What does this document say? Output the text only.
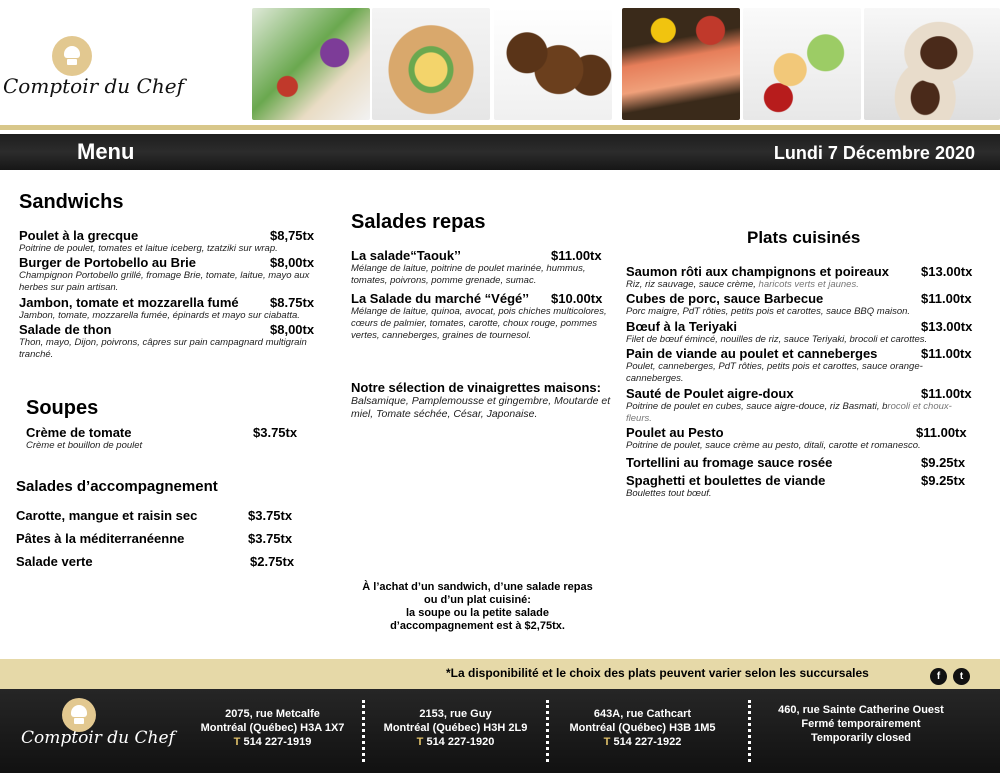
Comptoir du Chef
Menu	Lundi 7 Décembre 2020
Sandwichs
Poulet à la grecque	$8,75tx
Poitrine de poulet, tomates et laitue iceberg, tzatziki sur wrap.
Burger de Portobello au Brie	$8,00tx
Champignon Portobello grillé, fromage Brie, tomate, laitue, mayo aux herbes sur pain artisan.
Jambon, tomate et mozzarella fumé $8.75tx
Jambon, tomate, mozzarella fumée, épinards et mayo sur ciabatta.
Salade de thon	$8,00tx
Thon, mayo, Dijon, poivrons, câpres sur pain campagnard multigrain tranché.
Soupes
Crème de tomate	$3.75tx
Crème et bouillon de poulet
Salades d’accompagnement
Carotte, mangue et raisin sec	$3.75tx
Pâtes à la méditerranéenne	$3.75tx
Salade verte	$2.75tx
Salades repas
La salade“Taouk’’	$11.00tx
Mélange de laitue, poitrine de poulet marinée, hummus, tomates, poivrons, pomme grenade, sumac.
La Salade du marché “Végé’’ $10.00tx
Mélange de laitue, quinoa, avocat, pois chiches multicolores, cœurs de palmier, tomates, carotte, choux rouge, pommes vertes, canneberges, graines de tournesol.
Notre sélection de vinaigrettes maisons:
Balsamique, Pamplemousse et gingembre, Moutarde et miel, Tomate séchée, César, Japonaise.
À l’achat d’un sandwich, d’une salade repas
ou d’un plat cuisiné:
la soupe ou la petite salade
d’accompagnement est à $2,75tx.
Plats cuisinés
Saumon rôti aux champignons et poireaux $13.00tx
Riz, riz sauvage, sauce crème, haricots verts et jaunes.
Cubes de porc, sauce Barbecue	$11.00tx
Porc maigre, PdT rôties, petits pois et carottes, sauce BBQ maison.
Bœuf à la Teriyaki	$13.00tx
Filet de bœuf émincé, nouilles de riz, sauce Teriyaki, brocoli et carottes.
Pain de viande au poulet et canneberges	$11.00tx
Poulet, canneberges, PdT rôties, petits pois et carottes, sauce orange-canneberges.
Sauté de Poulet aigre-doux	$11.00tx
Poitrine de poulet en cubes, sauce aigre-douce, riz Basmati, brocoli et choux-fleurs.
Poulet au Pesto	$11.00tx
Poitrine de poulet, sauce crème au pesto, ditali, carotte et romanesco.
Tortellini au fromage sauce rosée	$9.25tx
Spaghetti et boulettes de viande	$9.25tx
Boulettes tout bœuf.
*La disponibilité et le choix des plats peuvent varier selon les succursales	f	t
Comptoir du Chef
2075, rue Metcalfe
Montréal (Québec) H3A 1X7
T 514 227-1919
2153, rue Guy
Montréal (Québec) H3H 2L9
T 514 227-1920
643A, rue Cathcart
Montréal (Québec) H3B 1M5
T 514 227-1922
460, rue Sainte Catherine Ouest
Fermé temporairement
Temporarily closed
